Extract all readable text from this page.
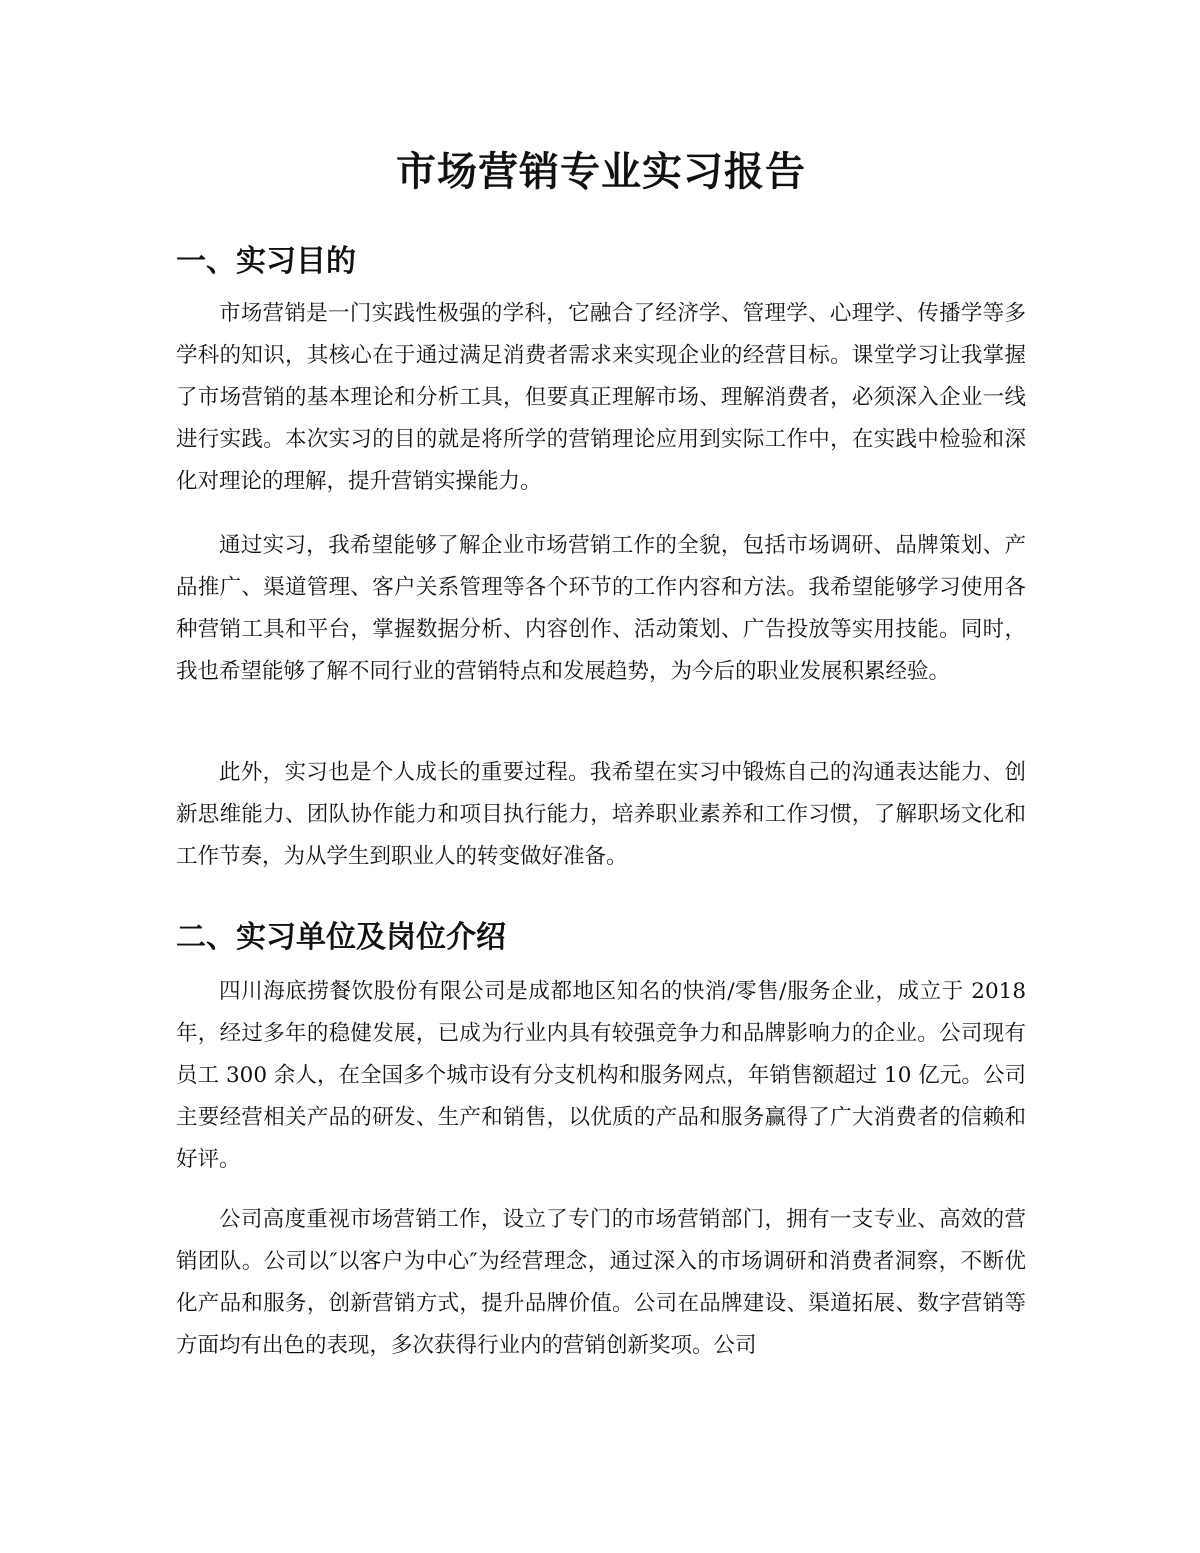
市场营销专业实习报告
一、实习目的

市场营销是一门实践性极强的学科，它融合了经济学、管理学、心理学、传播学等多学科的知识，其核心在于通过满足消费者需求来实现企业的经营目标。课堂学习让我掌握了市场营销的基本理论和分析工具，但要真正理解市场、理解消费者，必须深入企业一线进行实践。本次实习的目的就是将所学的营销理论应用到实际工作中，在实践中检验和深化对理论的理解，提升营销实操能力。

通过实习，我希望能够了解企业市场营销工作的全貌，包括市场调研、品牌策划、产品推广、渠道管理、客户关系管理等各个环节的工作内容和方法。我希望能够学习使用各种营销工具和平台，掌握数据分析、内容创作、活动策划、广告投放等实用技能。同时，我也希望能够了解不同行业的营销特点和发展趋势，为今后的职业发展积累经验。

此外，实习也是个人成长的重要过程。我希望在实习中锻炼自己的沟通表达能力、创新思维能力、团队协作能力和项目执行能力，培养职业素养和工作习惯，了解职场文化和工作节奏，为从学生到职业人的转变做好准备。

二、实习单位及岗位介绍

四川海底捞餐饮股份有限公司是成都地区知名的快消/零售/服务企业，成立于 2018 年，经过多年的稳健发展，已成为行业内具有较强竞争力和品牌影响力的企业。公司现有员工 300 余人，在全国多个城市设有分支机构和服务网点，年销售额超过 10 亿元。公司主要经营相关产品的研发、生产和销售，以优质的产品和服务赢得了广大消费者的信赖和好评。

公司高度重视市场营销工作，设立了专门的市场营销部门，拥有一支专业、高效的营销团队。公司以″以客户为中心″为经营理念，通过深入的市场调研和消费者洞察，不断优化产品和服务，创新营销方式，提升品牌价值。公司在品牌建设、渠道拓展、数字营销等方面均有出色的表现，多次获得行业内的营销创新奖项。公司
